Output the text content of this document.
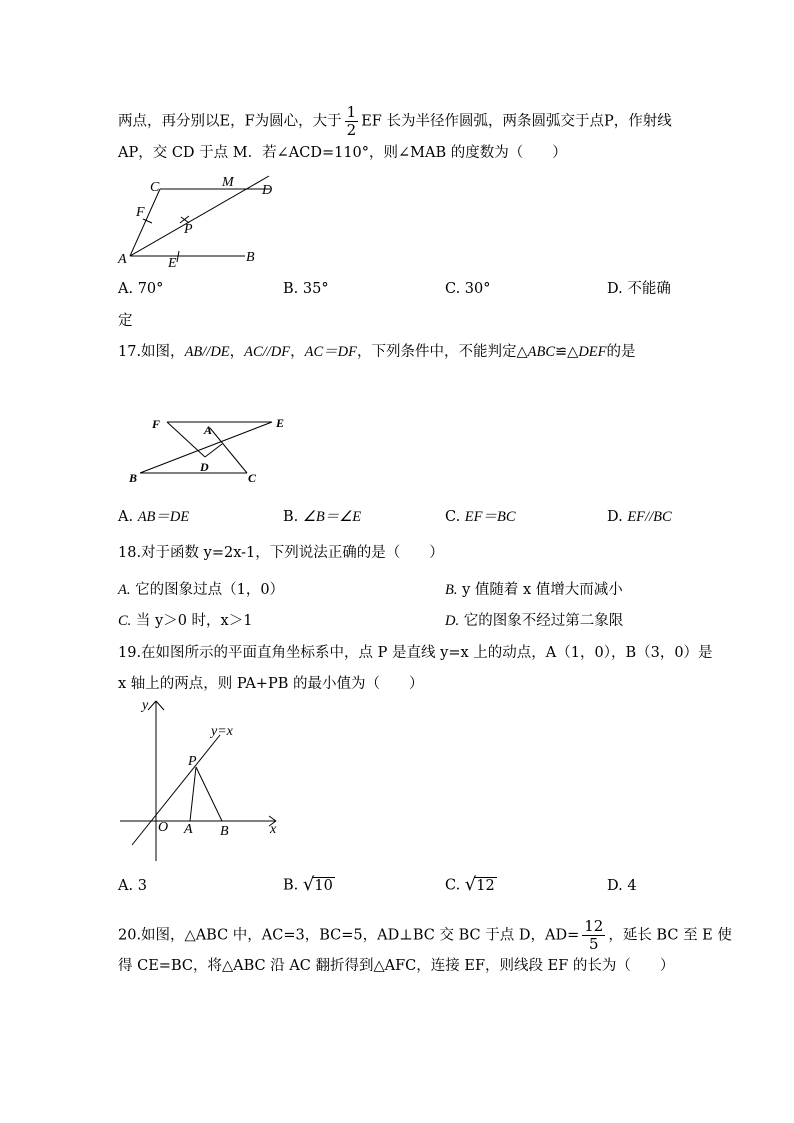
两点，再分别以E，F为圆心，大于 $\frac{1}{2}$ EF 长为半径作圆弧，两条圆弧交于点P，作射线
AP，交 CD 于点 M．若∠ACD=110°，则∠MAB 的度数为（　　）
C	M
D
F
P
A	E	B
A. 70°	B. 35°	C. 30°	D. 不能确
定
17.如图，AB//DE，AC//DF，AC＝DF，下列条件中，不能判定△ABC≌△DEF的是
F	A	E
D
B	C
A. AB＝DE	B. ∠B＝∠E	C. EF＝BC	D. EF//BC
18.对于函数 y=2x-1，下列说法正确的是（　　）
A. 它的图象过点（1，0）	B. y 值随着 x 值增大而减小
C. 当 y＞0 时，x＞1	D. 它的图象不经过第二象限
19.在如图所示的平面直角坐标系中，点 P 是直线 y=x 上的动点，A（1，0），B（3，0）是
x 轴上的两点，则 PA+PB 的最小值为（　　）
y
y=x
P
O A B	x
A. 3	B. √10	C. √12	D. 4
20.如图，△ABC 中，AC=3，BC=5，AD⊥BC 交 BC 于点 D，$AD= \frac{12}{5}$ ，延长 BC 至 E 使
得 CE=BC，将△ABC 沿 AC 翻折得到△AFC，连接 EF，则线段 EF 的长为（　　）
